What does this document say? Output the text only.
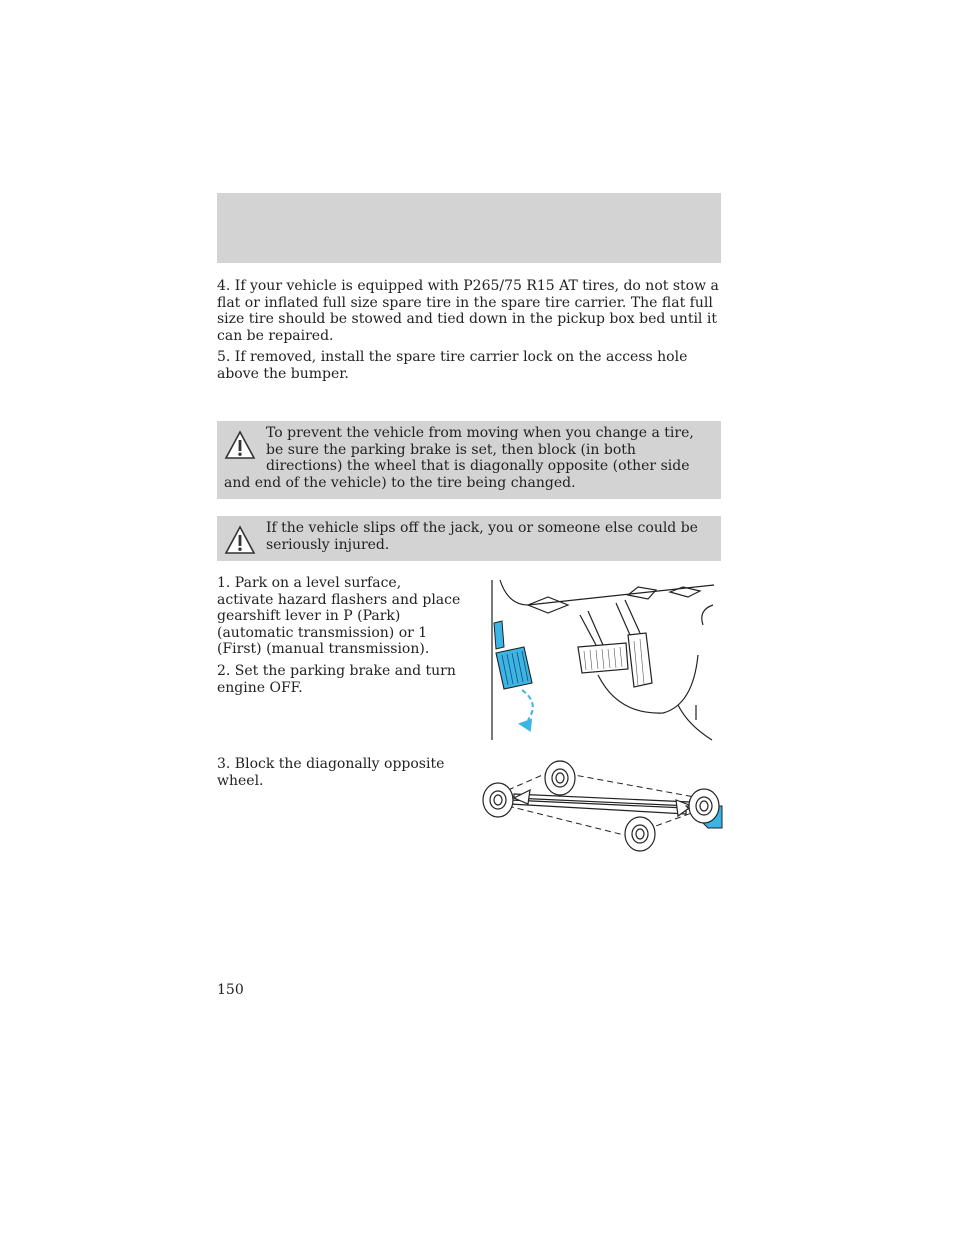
4. If your vehicle is equipped with P265/75 R15 AT tires, do not stow a flat or inflated full size spare tire in the spare tire carrier. The flat full size tire should be stowed and tied down in the pickup box bed until it can be repaired.

5. If removed, install the spare tire carrier lock on the access hole above the bumper.

To prevent the vehicle from moving when you change a tire, be sure the parking brake is set, then block (in both directions) the wheel that is diagonally opposite (other side and end of the vehicle) to the tire being changed.
If the vehicle slips off the jack, you or someone else could be seriously injured.

1. Park on a level surface, activate hazard flashers and place gearshift lever in P (Park) (automatic transmission) or 1 (First) (manual transmission).

2. Set the parking brake and turn engine OFF.

3. Block the diagonally opposite wheel.

150
